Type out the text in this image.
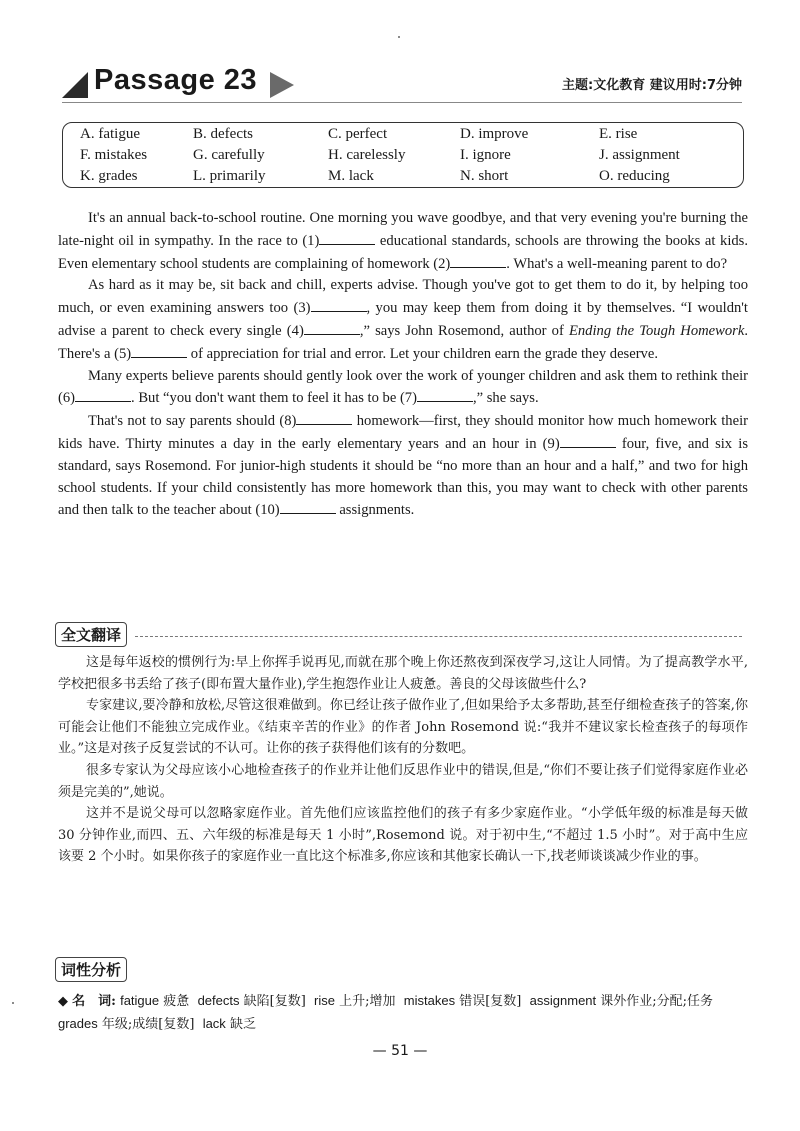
Passage 23	主题:文化教育 建议用时:7分钟
A. fatigue	B. defects	C. perfect	D. improve	E. rise
F. mistakes	G. carefully	H. carelessly	I. ignore	J. assignment
K. grades	L. primarily	M. lack	N. short	O. reducing

It's an annual back-to-school routine. One morning you wave goodbye, and that very evening you're burning the late-night oil in sympathy. In the race to (1)	educational standards, schools are throwing the books at kids. Even elementary school students are complaining of homework (2)	. What's a well-meaning parent to do?

As hard as it may be, sit back and chill, experts advise. Though you've got to get them to do it, by helping too much, or even examining answers too (3)	, you may keep them from doing it by themselves. “I wouldn't advise a parent to check every single (4)	,” says John Rosemond, author of Ending the Tough Homework. There's a (5)	of appreciation for trial and error. Let your children earn the grade they deserve.

Many experts believe parents should gently look over the work of younger children and ask them to rethink their (6)	. But “you don't want them to feel it has to be (7)	,” she says.

That's not to say parents should (8)	homework—first, they should monitor how much homework their kids have. Thirty minutes a day in the early elementary years and an hour in (9)	four, five, and six is standard, says Rosemond. For junior-high students it should be “no more than an hour and a half,” and two for high school students. If your child consistently has more homework than this, you may want to check with other parents and then talk to the teacher about (10)	assignments.

全文翻译

这是每年返校的惯例行为:早上你挥手说再见,而就在那个晚上你还熬夜到深夜学习,这让人同情。为了提高教学水平,学校把很多书丢给了孩子(即布置大量作业),学生抱怨作业让人疲惫。善良的父母该做些什么?

专家建议,要冷静和放松,尽管这很难做到。你已经让孩子做作业了,但如果给予太多帮助,甚至仔细检查孩子的答案,你可能会让他们不能独立完成作业。《结束辛苦的作业》的作者 John Rosemond 说:“我并不建议家长检查孩子的每项作业。”这是对孩子反复尝试的不认可。让你的孩子获得他们该有的分数吧。

很多专家认为父母应该小心地检查孩子的作业并让他们反思作业中的错误,但是,“你们不要让孩子们觉得家庭作业必须是完美的”,她说。

这并不是说父母可以忽略家庭作业。首先他们应该监控他们的孩子有多少家庭作业。“小学低年级的标准是每天做 30 分钟作业,而四、五、六年级的标准是每天 1 小时”,Rosemond 说。对于初中生,“不超过 1.5 小时”。对于高中生应该要 2 个小时。如果你孩子的家庭作业一直比这个标准多,你应该和其他家长确认一下,找老师谈谈减少作业的事。

词性分析
◆ 名　词: fatigue 疲惫 defects 缺陷[复数] rise 上升;增加 mistakes 错误[复数] assignment 课外作业;分配;任务  grades 年级;成绩[复数] lack 缺乏
— 51 —
